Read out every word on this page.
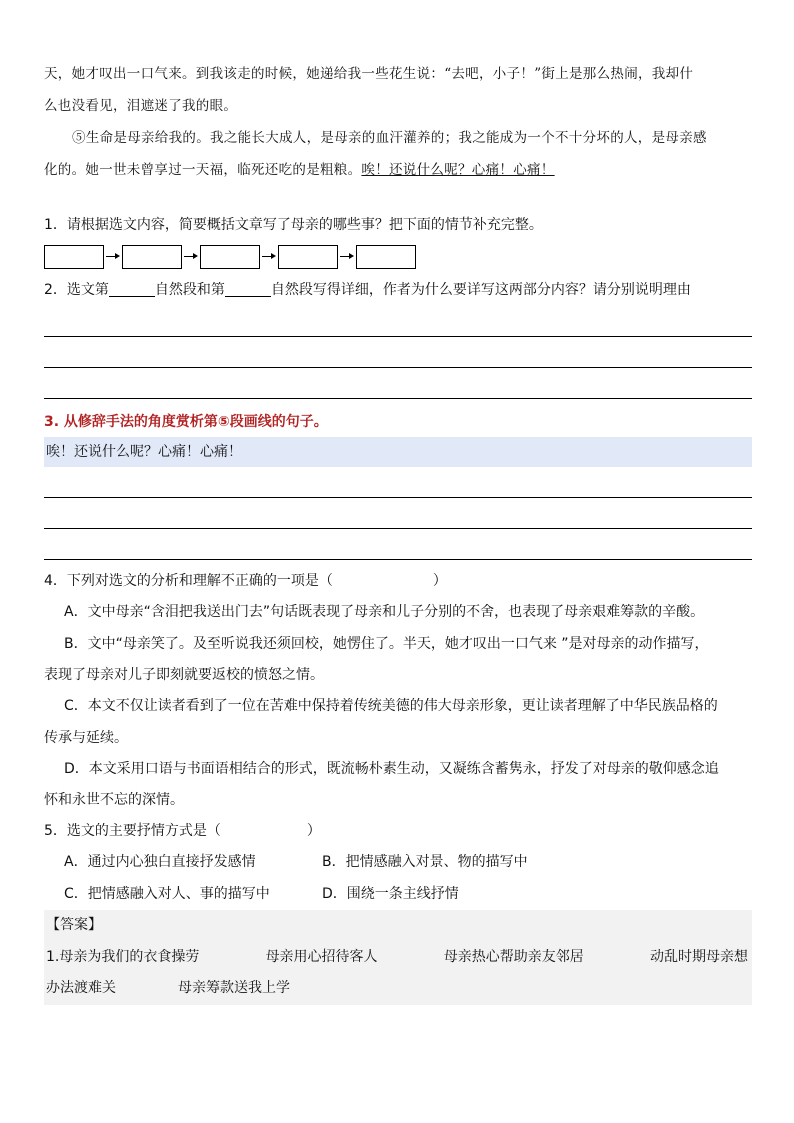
天，她才叹出一口气来。到我该走的时候，她递给我一些花生说：“去吧，小子！”街上是那么热闹，我却什

么也没看见，泪遮迷了我的眼。

⑤生命是母亲给我的。我之能长大成人，是母亲的血汗灌养的；我之能成为一个不十分坏的人，是母亲感

化的。她一世未曾享过一天福，临死还吃的是粗粮。唉！还说什么呢？心痛！心痛！

1．请根据选文内容，简要概括文章写了母亲的哪些事？把下面的情节补充完整。

2．选文第	自然段和第	自然段写得详细，作者为什么要详写这两部分内容？请分别说明理由

3. 从修辞手法的角度赏析第⑤段画线的句子。

唉！还说什么呢？心痛！心痛！

4．下列对选文的分析和理解不正确的一项是（	）

A．文中母亲“含泪把我送出门去”句话既表现了母亲和儿子分别的不舍，也表现了母亲艰难筹款的辛酸。

B．文中“母亲笑了。及至听说我还须回校，她愣住了。半天，她才叹出一口气来 ”是对母亲的动作描写，

表现了母亲对儿子即刻就要返校的愤怒之情。

C．本文不仅让读者看到了一位在苦难中保持着传统美德的伟大母亲形象，更让读者理解了中华民族品格的

传承与延续。

D．本文采用口语与书面语相结合的形式，既流畅朴素生动，又凝练含蓄隽永，抒发了对母亲的敬仰感念追

怀和永世不忘的深情。

5．选文的主要抒情方式是（	）

A．通过内心独白直接抒发感情	B．把情感融入对景、物的描写中
C．把情感融入对人、事的描写中	D．围绕一条主线抒情
【答案】
1.母亲为我们的衣食操劳	母亲用心招待客人	母亲热心帮助亲友邻居	动乱时期母亲想
办法渡难关	母亲筹款送我上学
